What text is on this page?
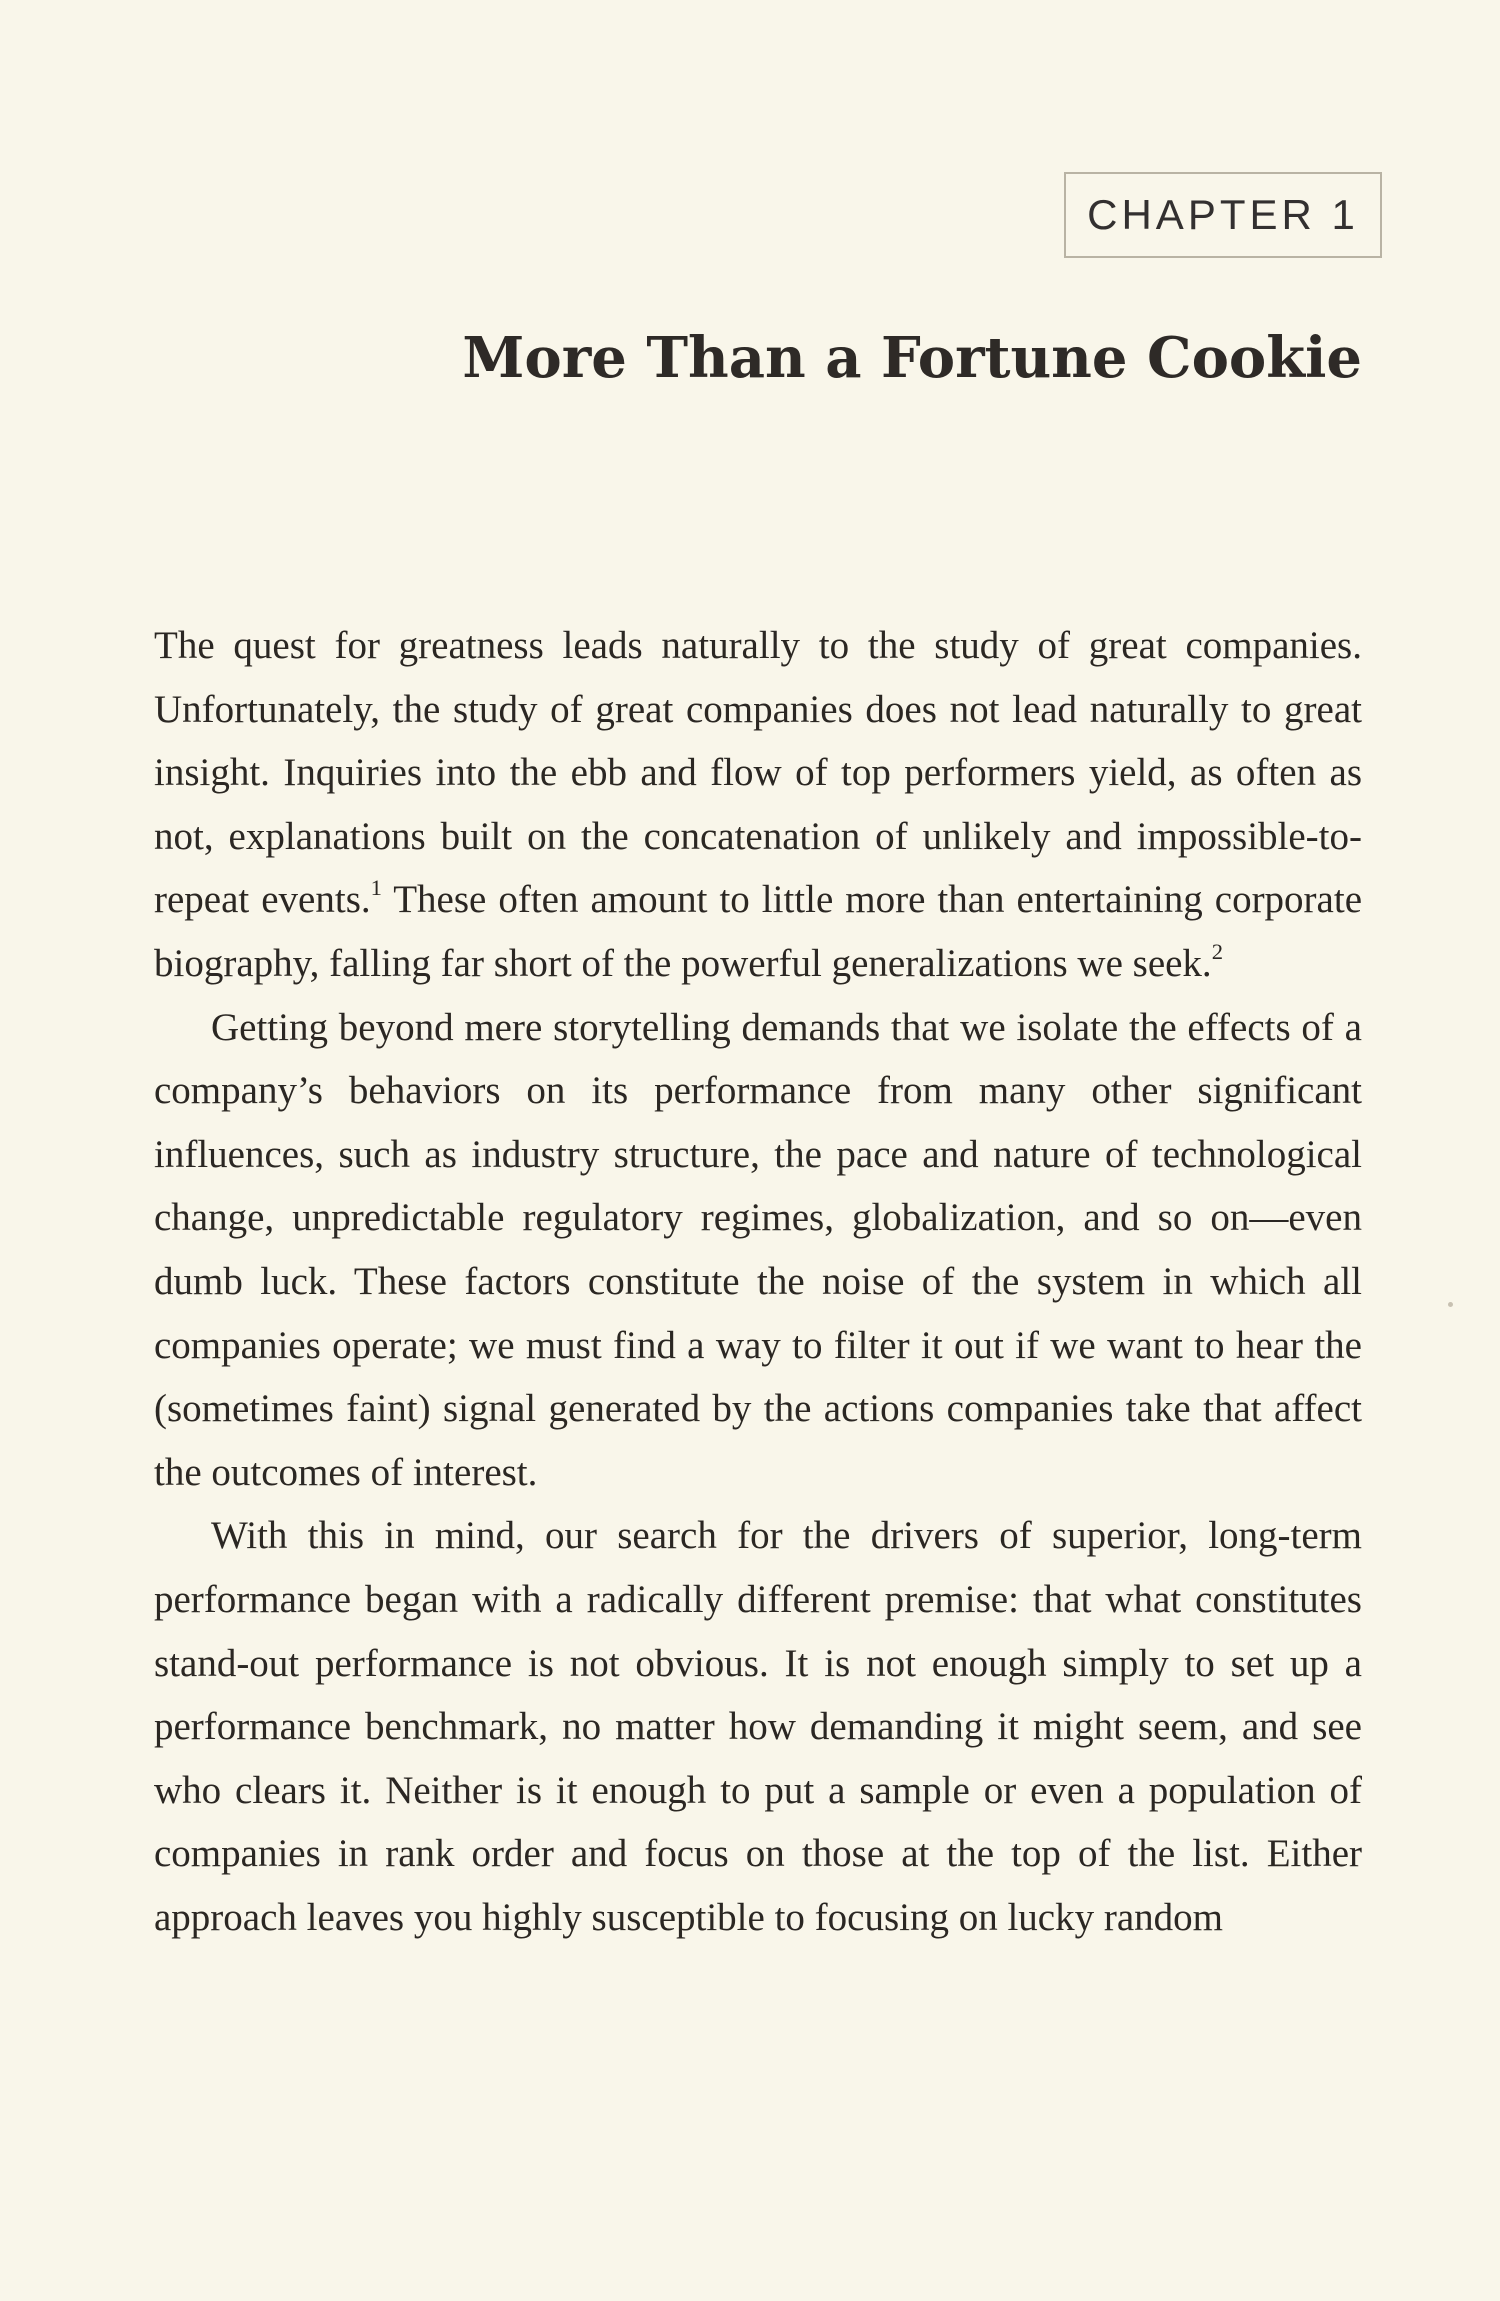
CHAPTER 1
More Than a Fortune Cookie

The quest for greatness leads naturally to the study of great companies. Unfortunately, the study of great companies does not lead naturally to great insight. Inquiries into the ebb and flow of top performers yield, as often as not, explanations built on the concatenation of unlikely and impossible-to-repeat events.$^1$ These often amount to little more than entertaining corporate biography, falling far short of the powerful generalizations we seek.$^2$

Getting beyond mere storytelling demands that we isolate the effects of a company’s behaviors on its performance from many other significant influences, such as industry structure, the pace and nature of technological change, unpredictable regulatory regimes, globalization, and so on—even dumb luck. These factors constitute the noise of the system in which all companies operate; we must find a way to filter it out if we want to hear the (sometimes faint) signal generated by the actions companies take that affect the outcomes of interest.

With this in mind, our search for the drivers of superior, long-term performance began with a radically different premise: that what constitutes stand-out performance is not obvious. It is not enough simply to set up a performance benchmark, no matter how demanding it might seem, and see who clears it. Neither is it enough to put a sample or even a population of companies in rank order and focus on those at the top of the list. Either approach leaves you highly susceptible to focusing on lucky random
